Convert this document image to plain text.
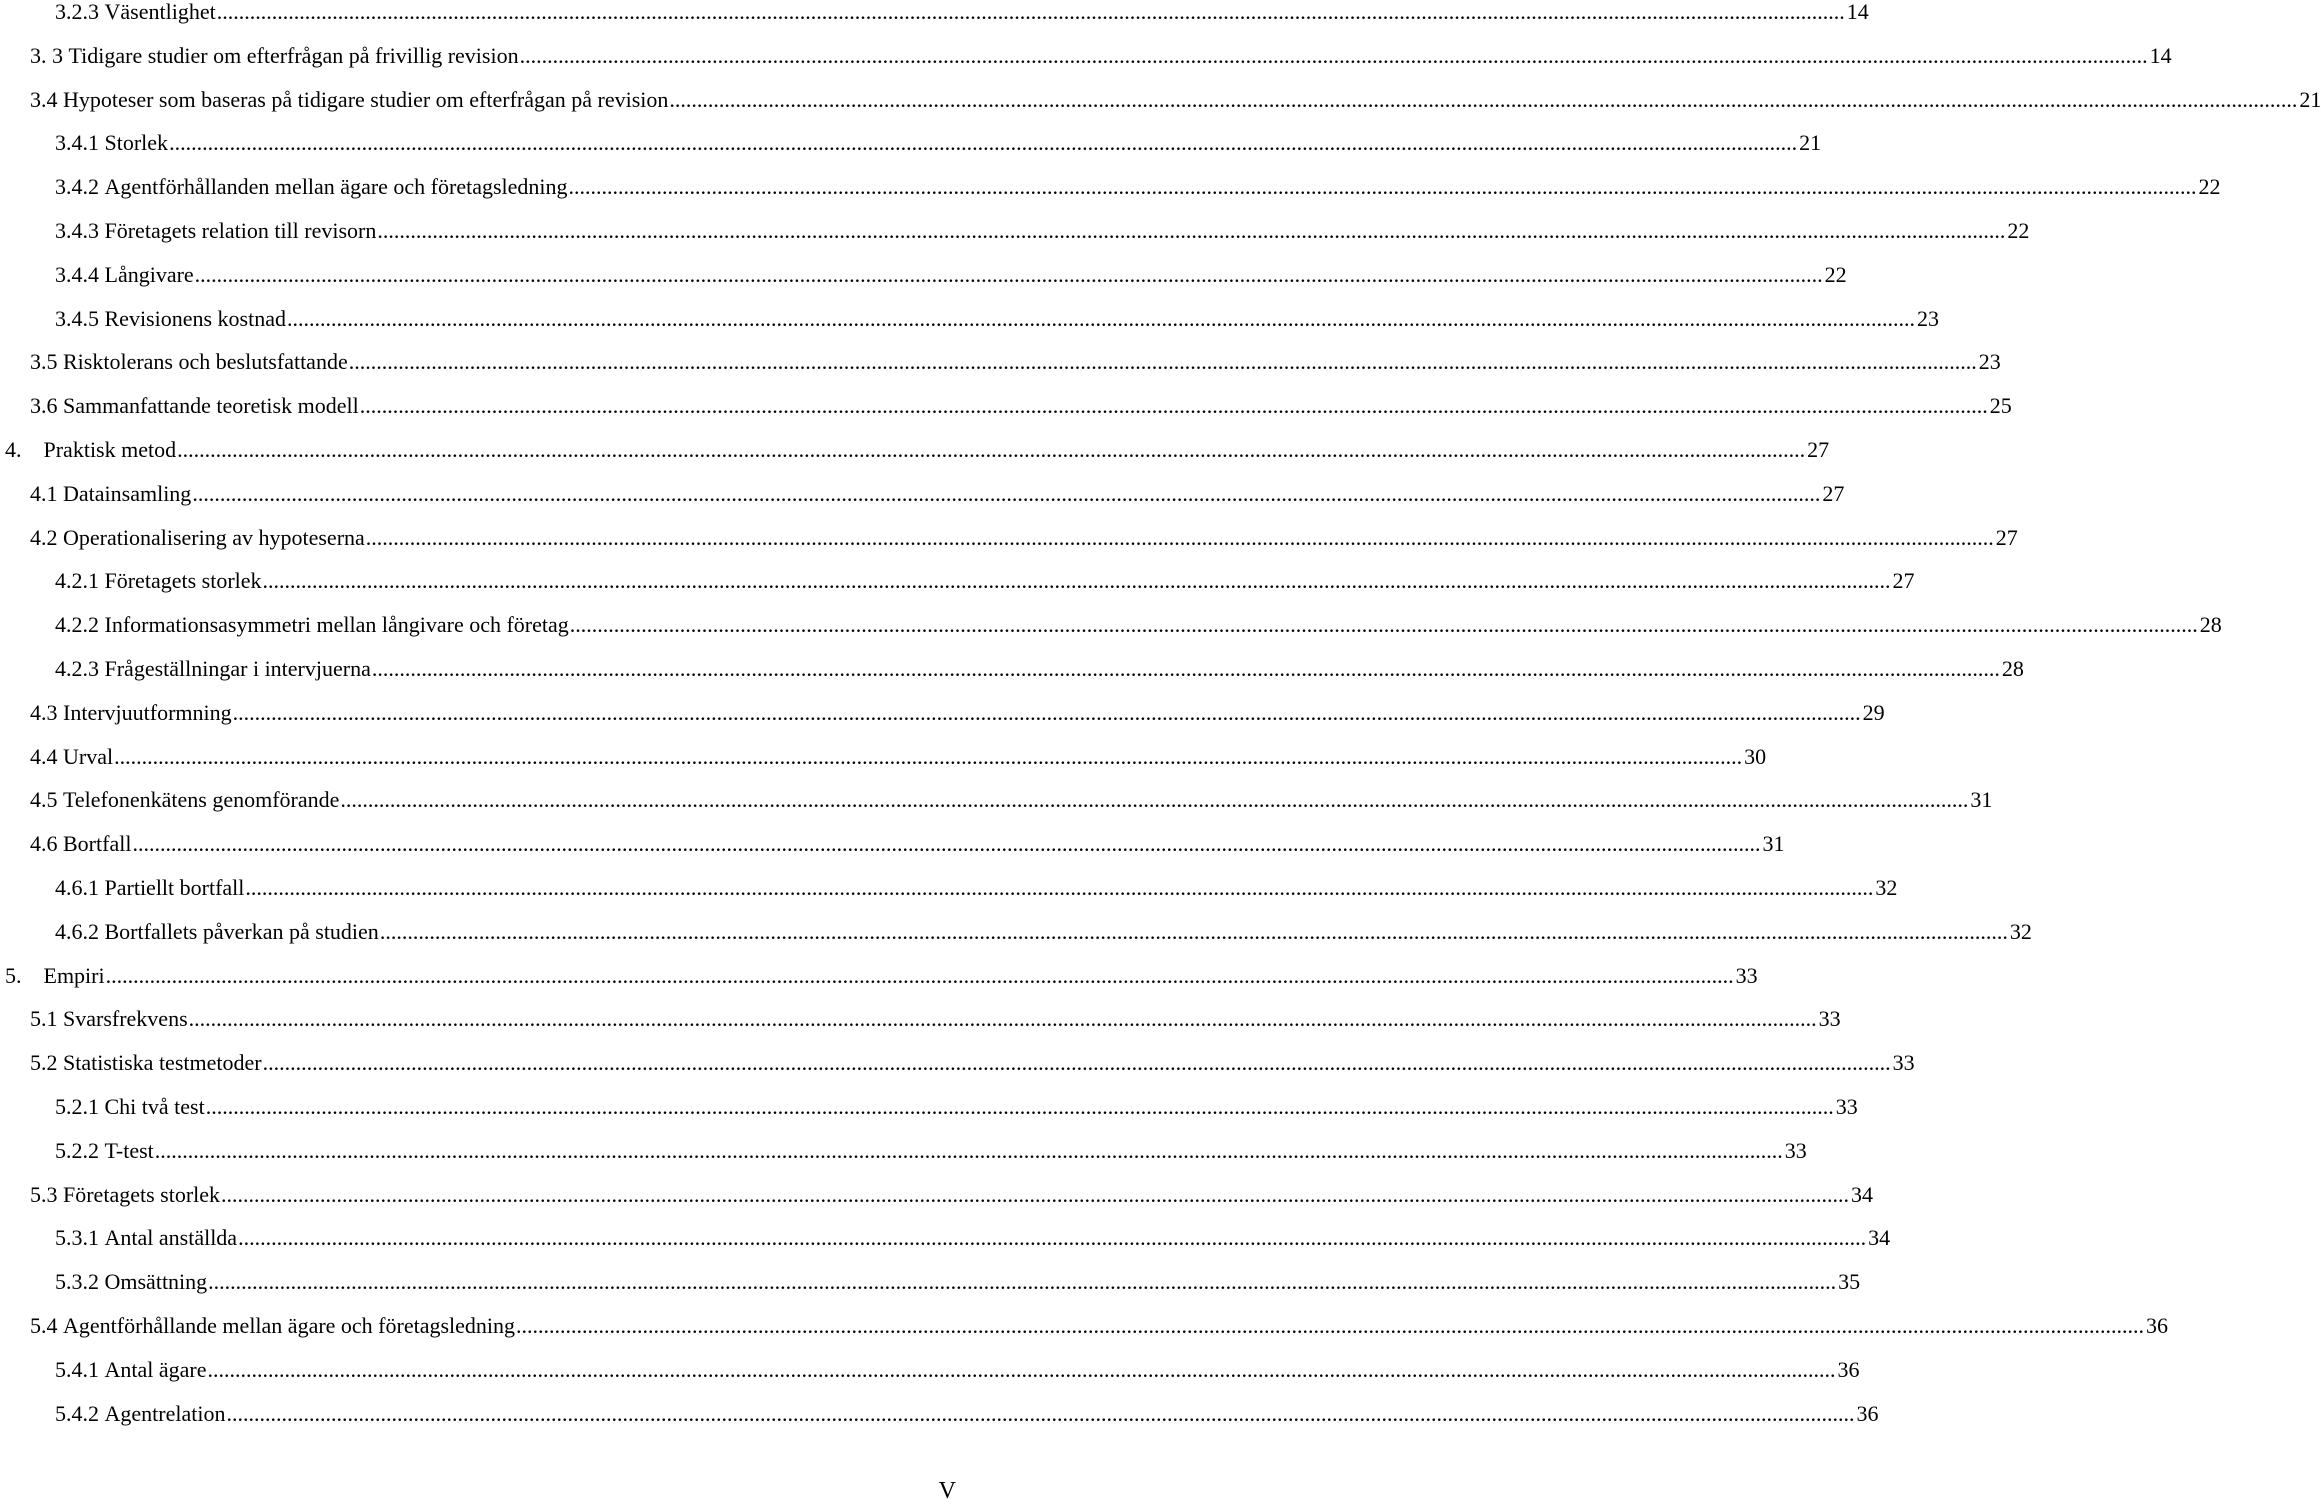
3.2.3 Väsentlighet .....	14
3. 3 Tidigare studier om efterfrågan på frivillig revision .....	14
3.4 Hypoteser som baseras på tidigare studier om efterfrågan på revision .....	21
3.4.1 Storlek .....	21
3.4.2 Agentförhållanden mellan ägare och företagsledning .....	22
3.4.3 Företagets relation till revisorn .....	22
3.4.4 Långivare .....	22
3.4.5 Revisionens kostnad .....	23
3.5 Risktolerans och beslutsfattande .....	23
3.6 Sammanfattande teoretisk modell .....	25
4. Praktisk metod .....	27
4.1 Datainsamling .....	27
4.2 Operationalisering av hypoteserna .....	27
4.2.1 Företagets storlek .....	27
4.2.2 Informationsasymmetri mellan långivare och företag .....	28
4.2.3 Frågeställningar i intervjuerna .....	28
4.3 Intervjuutformning .....	29
4.4 Urval .....	30
4.5 Telefonenkätens genomförande .....	31
4.6 Bortfall .....	31
4.6.1 Partiellt bortfall .....	32
4.6.2 Bortfallets påverkan på studien .....	32
5. Empiri .....	33
5.1 Svarsfrekvens .....	33
5.2 Statistiska testmetoder .....	33
5.2.1 Chi två test .....	33
5.2.2 T-test .....	33
5.3 Företagets storlek .....	34
5.3.1 Antal anställda .....	34
5.3.2 Omsättning .....	35
5.4 Agentförhållande mellan ägare och företagsledning .....	36
5.4.1 Antal ägare .....	36
5.4.2 Agentrelation .....	36
V
